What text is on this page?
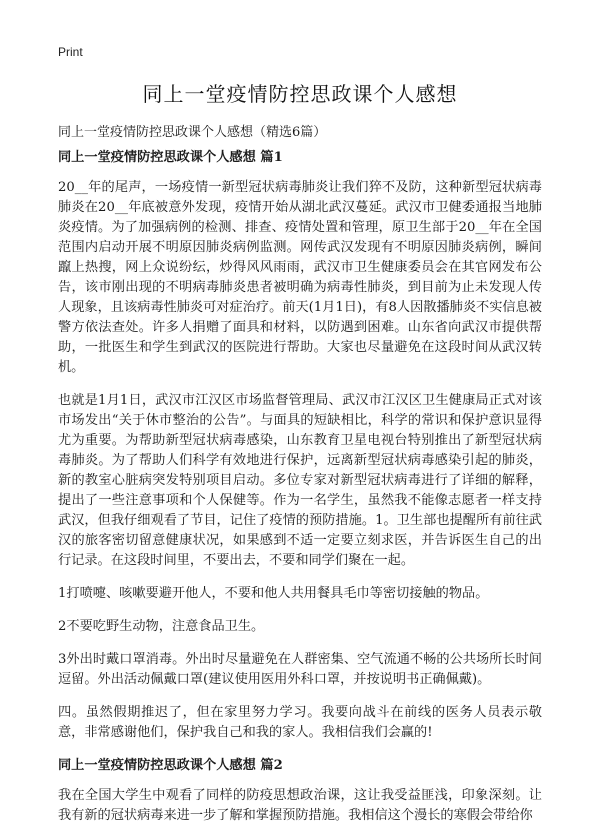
Print
同上一堂疫情防控思政课个人感想

同上一堂疫情防控思政课个人感想（精选6篇）

同上一堂疫情防控思政课个人感想 篇1

20__年的尾声，一场疫情一新型冠状病毒肺炎让我们猝不及防，这种新型冠状病毒肺炎在20__年底被意外发现，疫情开始从湖北武汉蔓延。武汉市卫健委通报当地肺炎疫情。为了加强病例的检测、排查、疫情处置和管理，原卫生部于20__年在全国范围内启动开展不明原因肺炎病例监测。网传武汉发现有不明原因肺炎病例，瞬间躥上热搜，网上众说纷纭，炒得风风雨雨，武汉市卫生健康委员会在其官网发布公告，该市刚出现的不明病毒肺炎患者被明确为病毒性肺炎，到目前为止未发现人传人现象，且该病毒性肺炎可对症治疗。前天(1月1日)，有8人因散播肺炎不实信息被警方依法查处。许多人捐赠了面具和材料，以防遇到困难。山东省向武汉市提供帮助，一批医生和学生到武汉的医院进行帮助。大家也尽量避免在这段时间从武汉转机。

也就是1月1日，武汉市江汉区市场监督管理局、武汉市江汉区卫生健康局正式对该市场发出“关于休市整治的公告”。与面具的短缺相比，科学的常识和保护意识显得尤为重要。为帮助新型冠状病毒感染，山东教育卫星电视台特别推出了新型冠状病毒肺炎。为了帮助人们科学有效地进行保护，远离新型冠状病毒感染引起的肺炎，新的教室心脏病突发特别项目启动。多位专家对新型冠状病毒进行了详细的解释，提出了一些注意事项和个人保健等。作为一名学生，虽然我不能像志愿者一样支持武汉，但我仔细观看了节目，记住了疫情的预防措施。1。卫生部也提醒所有前往武汉的旅客密切留意健康状况，如果感到不适一定要立刻求医，并告诉医生自己的出行记录。在这段时间里，不要出去，不要和同学们聚在一起。

1打喷嚏、咳嗽要避开他人，不要和他人共用餐具毛巾等密切接触的物品。

2不要吃野生动物，注意食品卫生。

3外出时戴口罩消毒。外出时尽量避免在人群密集、空气流通不畅的公共场所长时间逗留。外出活动佩戴口罩(建议使用医用外科口罩，并按说明书正确佩戴)。

四。虽然假期推迟了，但在家里努力学习。我要向战斗在前线的医务人员表示敬意，非常感谢他们，保护我自己和我的家人。我相信我们会赢的!

同上一堂疫情防控思政课个人感想 篇2

我在全国大学生中观看了同样的防疫思想政治课，这让我受益匪浅，印象深刻。让我有新的冠状病毒来进一步了解和掌握预防措施。我相信这个漫长的寒假会带给你
